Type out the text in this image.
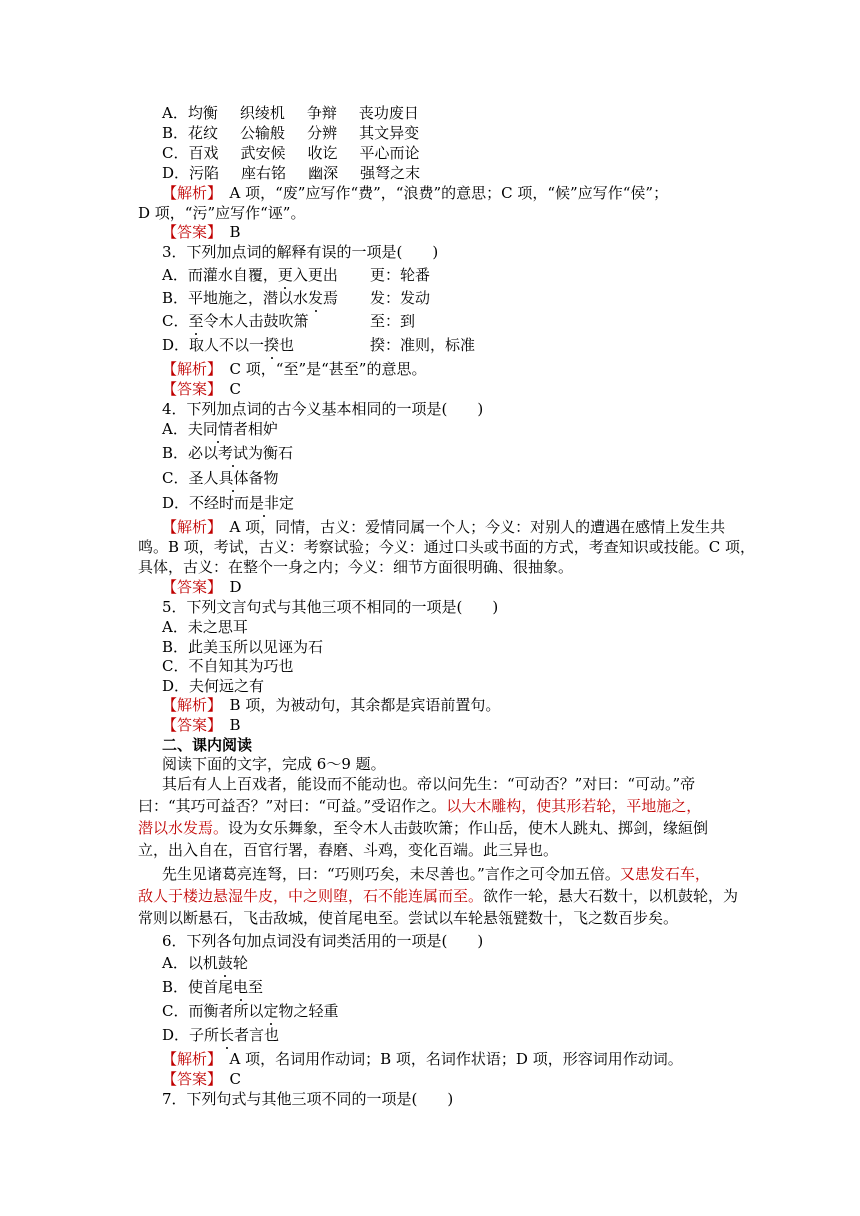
A．均衡 织绫机 争辩 丧功废日
B．花纹 公输般 分辨 其文异变
C．百戏 武安候 收讫 平心而论
D．污陷 座右铭 幽深 强弩之末
【解析】　 A 项，“废”应写作“费”，“浪费”的意思；C 项，“候”应写作“侯”；
D 项，“污”应写作“诬”。
【答案】　 B
3．下列加点词的解释有误的一项是(　　)
A．而灌水自覆，更入更出 更：轮番
B．平地施之，潜以水发焉 发：发动
C．至令木人击鼓吹箫	至：到
D．取人不以一揆也	揆：准则，标准
【解析】　 C 项，“至”是“甚至”的意思。
【答案】　 C
4．下列加点词的古今义基本相同的一项是(　　)
A．夫同情者相妒
B．必以考试为衡石
C．圣人具体备物
D．不经时而是非定
【解析】　 A 项，同情，古义：爱情同属一个人；今义：对别人的遭遇在感情上发生共
鸣。B 项，考试，古义：考察试验；今义：通过口头或书面的方式，考查知识或技能。C 项，
具体，古义：在整个一身之内；今义：细节方面很明确、很抽象。
【答案】　 D
5．下列文言句式与其他三项不相同的一项是(　　)
A．未之思耳
B．此美玉所以见诬为石
C．不自知其为巧也
D．夫何远之有
【解析】　 B 项，为被动句，其余都是宾语前置句。
【答案】　 B
二、课内阅读
阅读下面的文字，完成 6～9 题。
其后有人上百戏者，能设而不能动也。帝以问先生：“可动否？”对曰：“可动。”帝
曰：“其巧可益否？”对曰：“可益。”受诏作之。以大木雕构，使其形若轮，平地施之，
潜以水发焉。设为女乐舞象，至令木人击鼓吹箫；作山岳，使木人跳丸、掷剑，缘絙倒
立，出入自在，百官行署，舂磨、斗鸡，变化百端。此三异也。
先生见诸葛亮连弩，曰：“巧则巧矣，未尽善也。”言作之可令加五倍。又患发石车，
敌人于楼边悬湿牛皮，中之则堕，石不能连属而至。欲作一轮，悬大石数十，以机鼓轮，为
常则以断悬石，飞击敌城，使首尾电至。尝试以车轮悬瓴甓数十，飞之数百步矣。
6．下列各句加点词没有词类活用的一项是(　　)
A．以机鼓轮
B．使首尾电至
C．而衡者所以定物之轻重
D．子所长者言也
【解析】　 A 项，名词用作动词；B 项，名词作状语；D 项，形容词用作动词。
【答案】　 C
7．下列句式与其他三项不同的一项是(　　)
